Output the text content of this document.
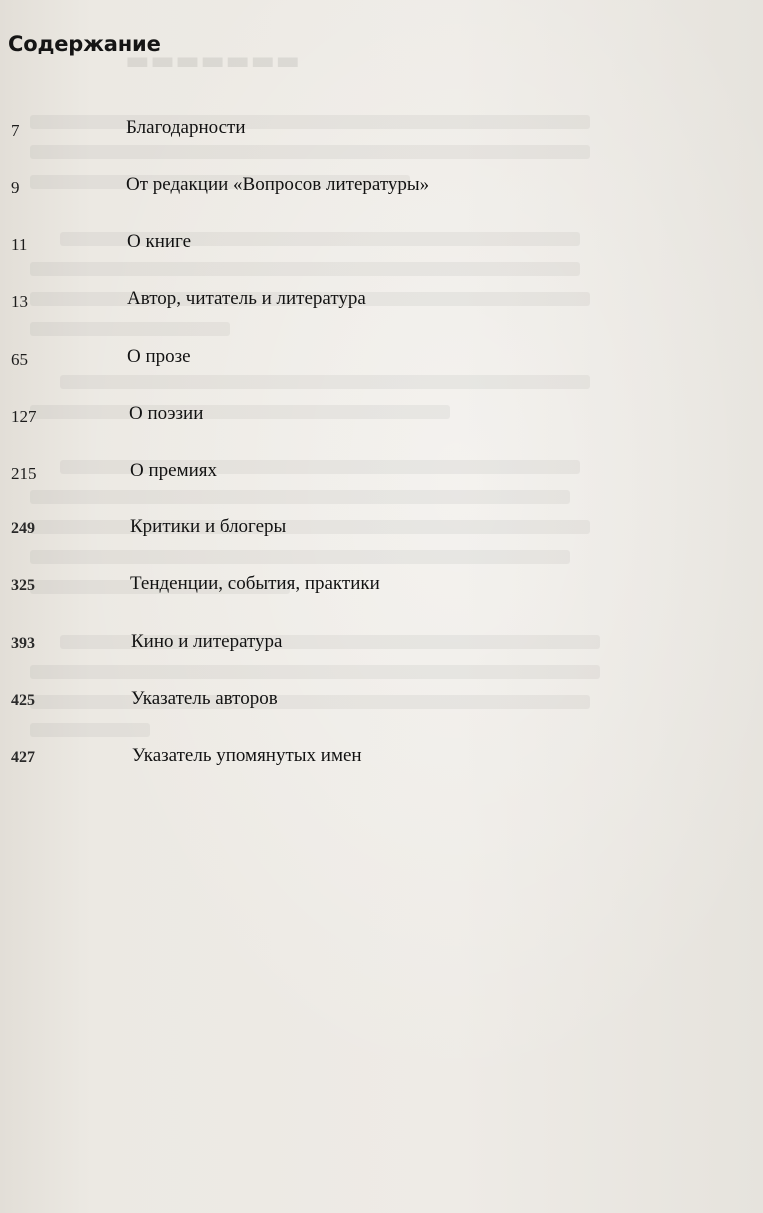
▬▬▬▬▬▬▬
Содержание
7	Благодарности
9	От редакции «Вопросов литературы»
11	О книге
13	Автор, читатель и литература
65	О прозе
127	О поэзии
215	О премиях
249	Критики и блогеры
325	Тенденции, события, практики
393	Кино и литература
425	Указатель авторов
427	Указатель упомянутых имен
